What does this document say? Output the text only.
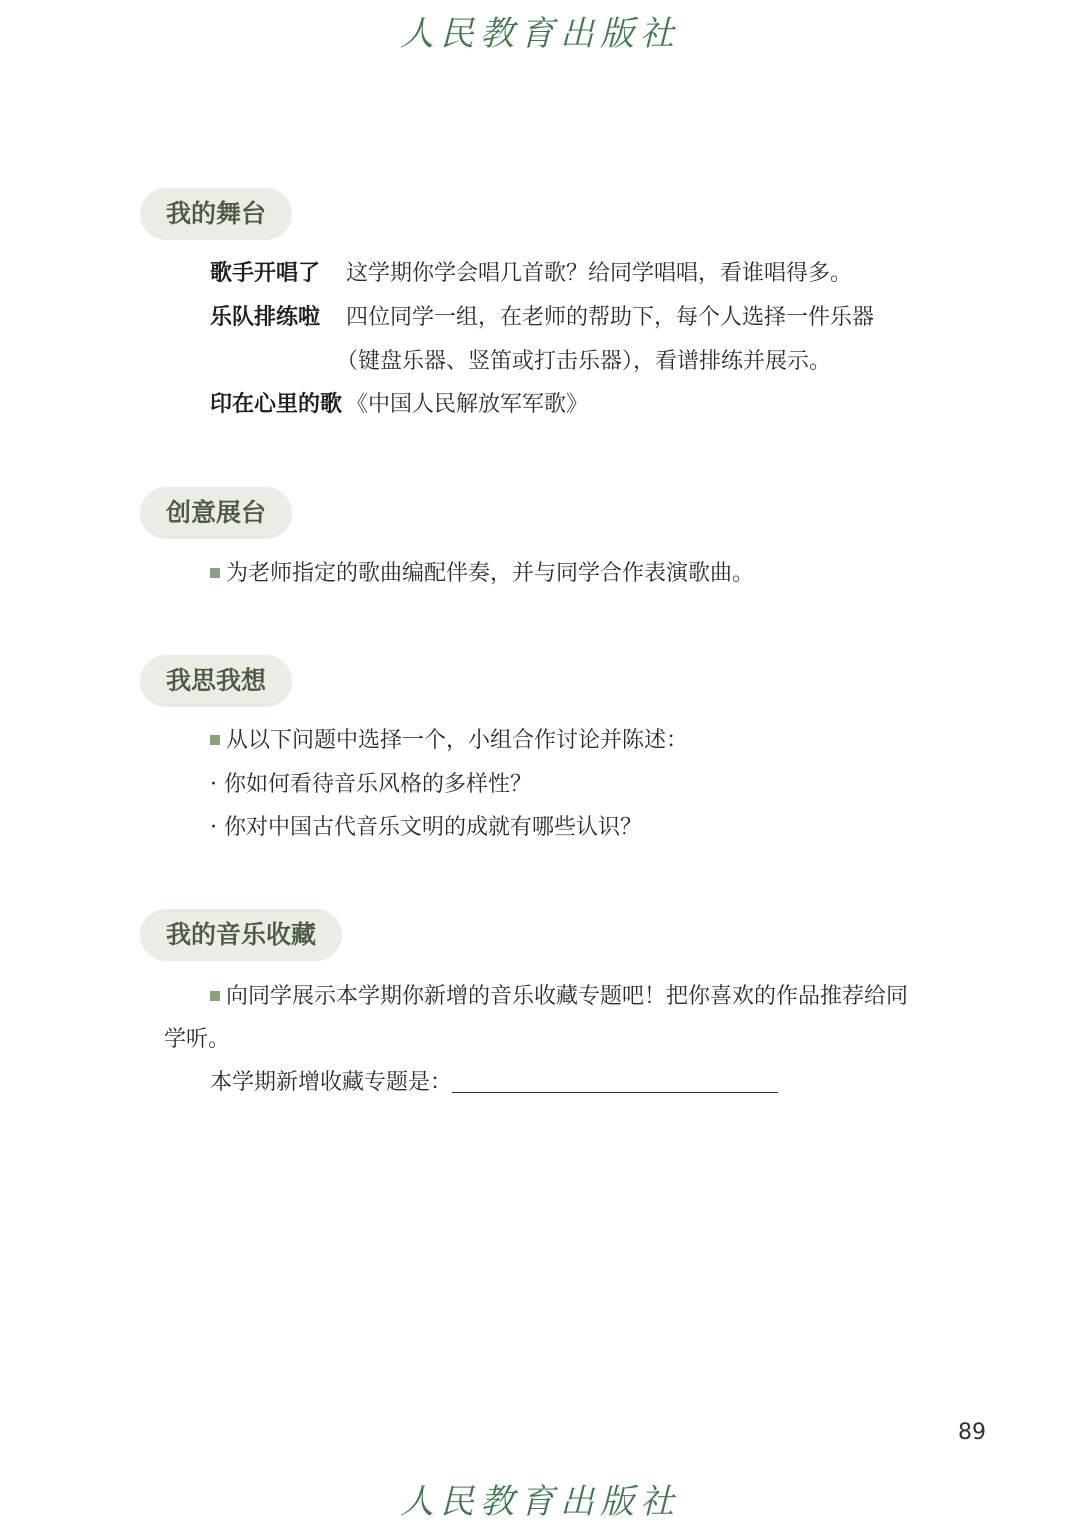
人民教育出版社
我的舞台
歌手开唱了 这学期你学会唱几首歌？给同学唱唱，看谁唱得多。
乐队排练啦 四位同学一组，在老师的帮助下，每个人选择一件乐器
（键盘乐器、竖笛或打击乐器），看谱排练并展示。
印在心里的歌 《中国人民解放军军歌》
创意展台
为老师指定的歌曲编配伴奏，并与同学合作表演歌曲。
我思我想
从以下问题中选择一个，小组合作讨论并陈述：
· 你如何看待音乐风格的多样性？
· 你对中国古代音乐文明的成就有哪些认识？
我的音乐收藏
向同学展示本学期你新增的音乐收藏专题吧！把你喜欢的作品推荐给同
学听。
本学期新增收藏专题是：
89
人民教育出版社
